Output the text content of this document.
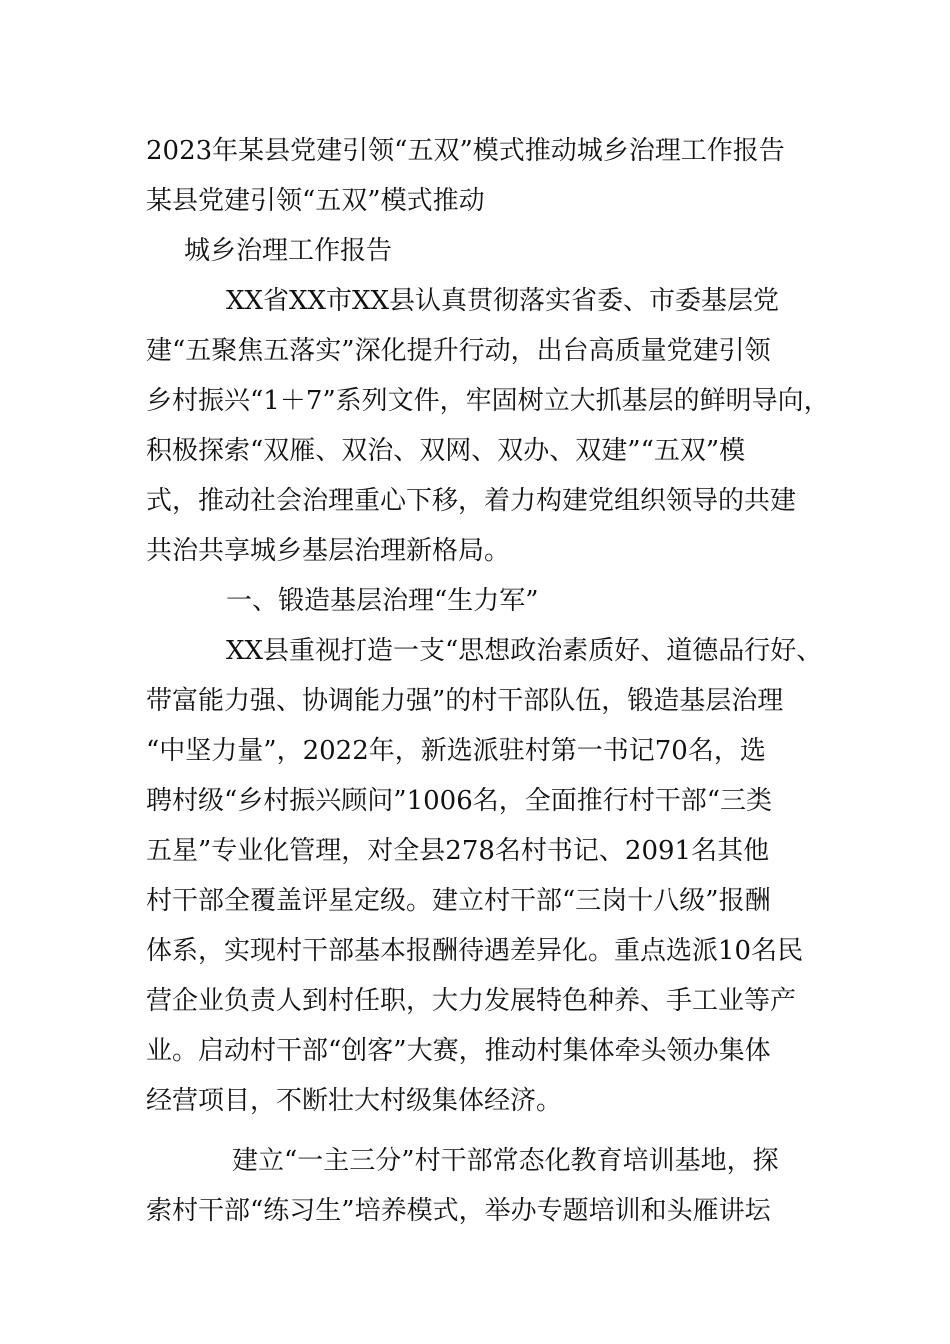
2023年某县党建引领“五双”模式推动城乡治理工作报告
某县党建引领“五双”模式推动
城乡治理工作报告
XX省XX市XX县认真贯彻落实省委、市委基层党
建“五聚焦五落实”深化提升行动，出台高质量党建引领
乡村振兴“1＋7”系列文件，牢固树立大抓基层的鲜明导向，
积极探索“双雁、双治、双网、双办、双建”“五双”模
式，推动社会治理重心下移，着力构建党组织领导的共建
共治共享城乡基层治理新格局。
一、锻造基层治理“生力军”
XX县重视打造一支“思想政治素质好、道德品行好、
带富能力强、协调能力强”的村干部队伍，锻造基层治理
“中坚力量”，2022年，新选派驻村第一书记70名，选
聘村级“乡村振兴顾问”1006名，全面推行村干部“三类
五星”专业化管理，对全县278名村书记、2091名其他
村干部全覆盖评星定级。建立村干部“三岗十八级”报酬
体系，实现村干部基本报酬待遇差异化。重点选派10名民
营企业负责人到村任职，大力发展特色种养、手工业等产
业。启动村干部“创客”大赛，推动村集体牵头领办集体
经营项目，不断壮大村级集体经济。
建立“一主三分”村干部常态化教育培训基地，探
索村干部“练习生”培养模式，举办专题培训和头雁讲坛
